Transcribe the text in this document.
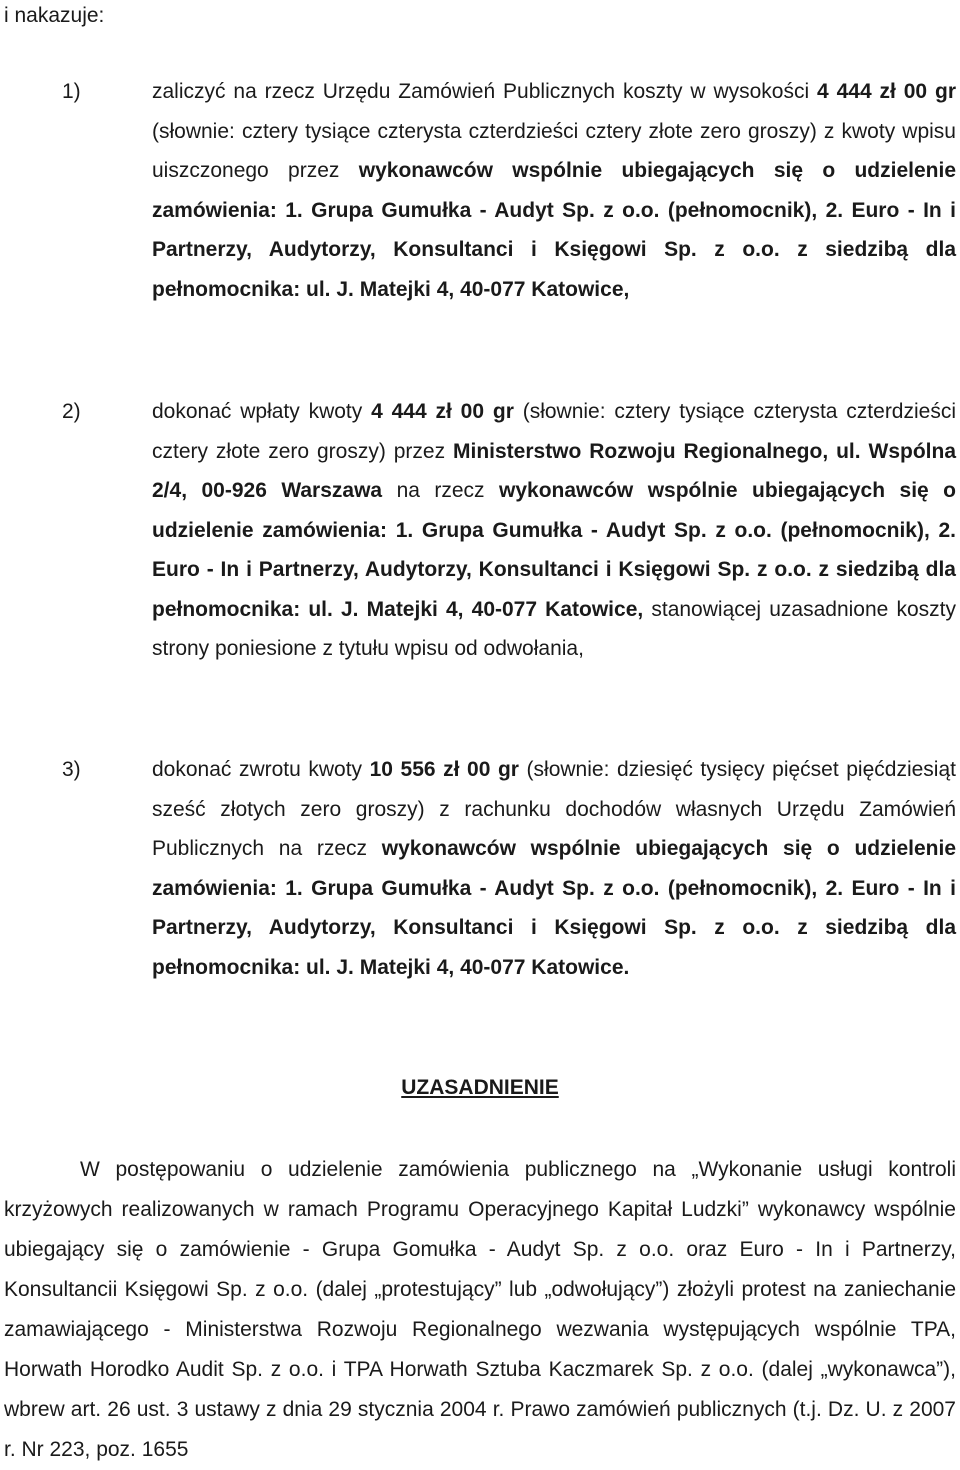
i nakazuje:
1)	zaliczyć na rzecz Urzędu Zamówień Publicznych koszty w wysokości 4 444 zł 00 gr (słownie: cztery tysiące czterysta czterdzieści cztery złote zero groszy) z kwoty wpisu uiszczonego przez wykonawców wspólnie ubiegających się o udzielenie zamówienia: 1. Grupa Gumułka - Audyt Sp. z o.o. (pełnomocnik), 2. Euro - In i Partnerzy, Audytorzy, Konsultanci i Księgowi Sp. z o.o. z siedzibą dla pełnomocnika: ul. J. Matejki 4, 40-077 Katowice,
2)	dokonać wpłaty kwoty 4 444 zł 00 gr (słownie: cztery tysiące czterysta czterdzieści cztery złote zero groszy) przez Ministerstwo Rozwoju Regionalnego, ul. Wspólna 2/4, 00-926 Warszawa na rzecz wykonawców wspólnie ubiegających się o udzielenie zamówienia: 1. Grupa Gumułka - Audyt Sp. z o.o. (pełnomocnik), 2. Euro - In i Partnerzy, Audytorzy, Konsultanci i Księgowi Sp. z o.o. z siedzibą dla pełnomocnika: ul. J. Matejki 4, 40-077 Katowice, stanowiącej uzasadnione koszty strony poniesione z tytułu wpisu od odwołania,
3)	dokonać zwrotu kwoty 10 556 zł 00 gr (słownie: dziesięć tysięcy pięćset pięćdziesiąt sześć złotych zero groszy) z rachunku dochodów własnych Urzędu Zamówień Publicznych na rzecz wykonawców wspólnie ubiegających się o udzielenie zamówienia: 1. Grupa Gumułka - Audyt Sp. z o.o. (pełnomocnik), 2. Euro - In i Partnerzy, Audytorzy, Konsultanci i Księgowi Sp. z o.o. z siedzibą dla pełnomocnika: ul. J. Matejki 4, 40-077 Katowice.
UZASADNIENIE
W postępowaniu o udzielenie zamówienia publicznego na „Wykonanie usługi kontroli krzyżowych realizowanych w ramach Programu Operacyjnego Kapitał Ludzki” wykonawcy wspólnie ubiegający się o zamówienie - Grupa Gomułka - Audyt Sp. z o.o. oraz Euro - In i Partnerzy, Konsultancii Księgowi Sp. z o.o. (dalej „protestujący” lub „odwołujący”) złożyli protest na zaniechanie zamawiającego - Ministerstwa Rozwoju Regionalnego wezwania występujących wspólnie TPA, Horwath Horodko Audit Sp. z o.o. i TPA Horwath Sztuba Kaczmarek Sp. z o.o. (dalej „wykonawca”), wbrew art. 26 ust. 3 ustawy z dnia 29 stycznia 2004 r. Prawo zamówień publicznych (t.j. Dz. U. z 2007 r. Nr 223, poz. 1655
